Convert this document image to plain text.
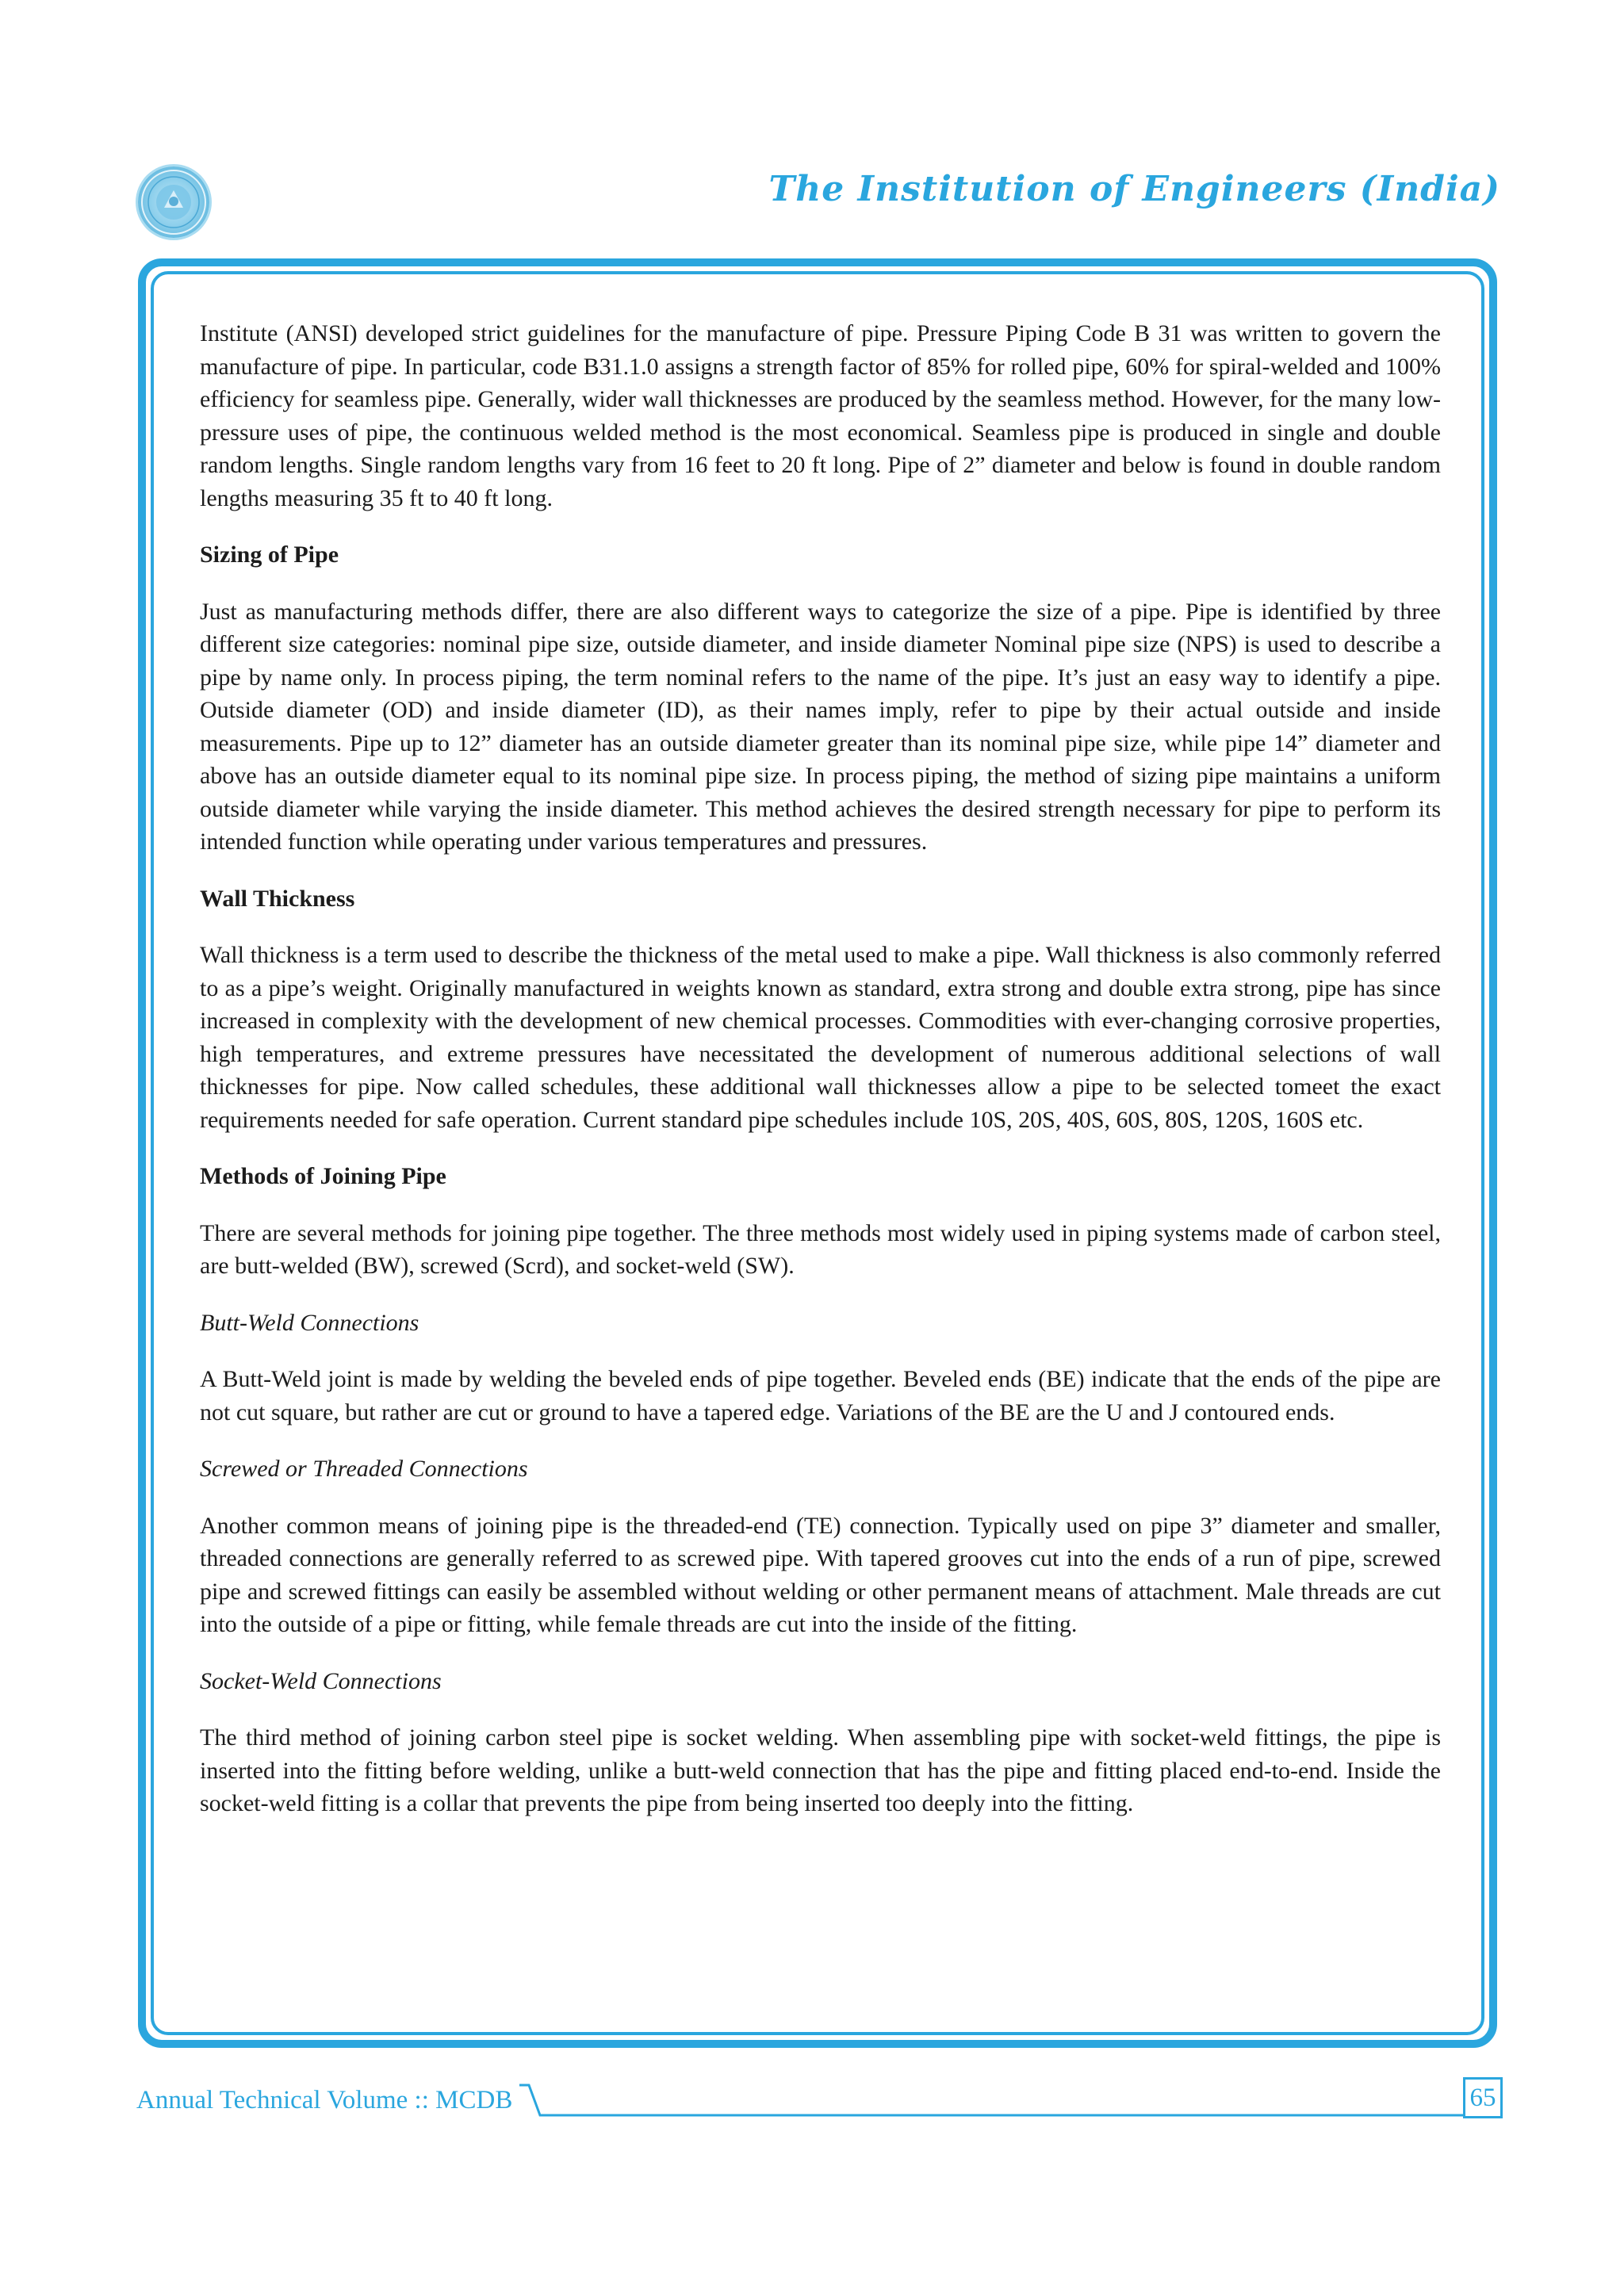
The Institution of Engineers (India)

Institute (ANSI) developed strict guidelines for the manufacture of pipe. Pressure Piping Code B 31 was written to govern the manufacture of pipe. In particular, code B31.1.0 assigns a strength factor of 85% for rolled pipe, 60% for spiral-welded and 100% efficiency for seamless pipe. Generally, wider wall thicknesses are produced by the seamless method. However, for the many low-pressure uses of pipe, the continuous welded method is the most economical. Seamless pipe is produced in single and double random lengths. Single random lengths vary from 16 feet to 20 ft long. Pipe of 2” diameter and below is found in double random lengths measuring 35 ft to 40 ft long.

Sizing of Pipe

Just as manufacturing methods differ, there are also different ways to categorize the size of a pipe. Pipe is identified by three different size categories: nominal pipe size, outside diameter, and inside diameter Nominal pipe size (NPS) is used to describe a pipe by name only. In process piping, the term nominal refers to the name of the pipe. It’s just an easy way to identify a pipe. Outside diameter (OD) and inside diameter (ID), as their names imply, refer to pipe by their actual outside and inside measurements. Pipe up to 12” diameter has an outside diameter greater than its nominal pipe size, while pipe 14” diameter and above has an outside diameter equal to its nominal pipe size. In process piping, the method of sizing pipe maintains a uniform outside diameter while varying the inside diameter. This method achieves the desired strength necessary for pipe to perform its intended function while operating under various temperatures and pressures.

Wall Thickness

Wall thickness is a term used to describe the thickness of the metal used to make a pipe. Wall thickness is also commonly referred to as a pipe’s weight. Originally manufactured in weights known as standard, extra strong and double extra strong, pipe has since increased in complexity with the development of new chemical processes. Commodities with ever-changing corrosive properties, high temperatures, and extreme pressures have necessitated the development of numerous additional selections of wall thicknesses for pipe. Now called schedules, these additional wall thicknesses allow a pipe to be selected tomeet the exact requirements needed for safe operation. Current standard pipe schedules include 10S, 20S, 40S, 60S, 80S, 120S, 160S etc.

Methods of Joining Pipe

There are several methods for joining pipe together. The three methods most widely used in piping systems made of carbon steel, are butt-welded (BW), screwed (Scrd), and socket-weld (SW).

Butt-Weld Connections

A Butt-Weld joint is made by welding the beveled ends of pipe together. Beveled ends (BE) indicate that the ends of the pipe are not cut square, but rather are cut or ground to have a tapered edge. Variations of the BE are the U and J contoured ends.

Screwed or Threaded Connections

Another common means of joining pipe is the threaded-end (TE) connection. Typically used on pipe 3” diameter and smaller, threaded connections are generally referred to as screwed pipe. With tapered grooves cut into the ends of a run of pipe, screwed pipe and screwed fittings can easily be assembled without welding or other permanent means of attachment. Male threads are cut into the outside of a pipe or fitting, while female threads are cut into the inside of the fitting.

Socket-Weld Connections

The third method of joining carbon steel pipe is socket welding. When assembling pipe with socket-weld fittings, the pipe is inserted into the fitting before welding, unlike a butt-weld connection that has the pipe and fitting placed end-to-end. Inside the socket-weld fitting is a collar that prevents the pipe from being inserted too deeply into the fitting.

Annual Technical Volume :: MCDB	65
